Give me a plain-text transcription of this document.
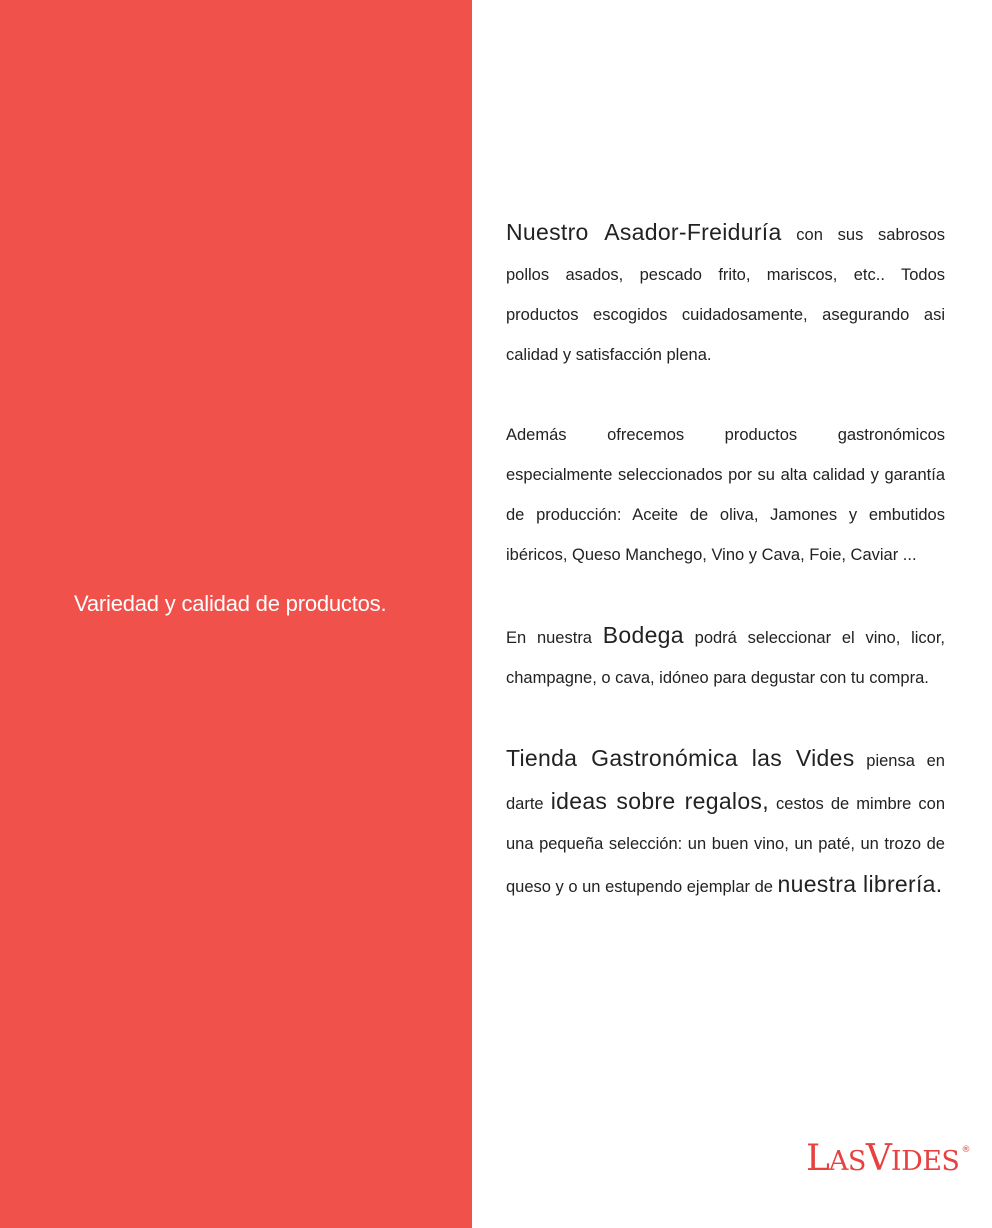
Variedad y calidad de productos.

Nuestro Asador-Freiduría con sus sabrosos pollos asados, pescado frito, mariscos, etc.. Todos productos escogidos cuidadosamente, asegurando asi calidad y satisfacción plena.

Además ofrecemos productos gastronómicos especialmente seleccionados por su alta calidad y garantía de producción: Aceite de oliva, Jamones y embutidos ibéricos, Queso Manchego, Vino y Cava, Foie, Caviar ...

En nuestra Bodega podrá seleccionar el vino, licor, champagne, o cava, idóneo para degustar con tu compra.

Tienda Gastronómica las Vides piensa en darte ideas sobre regalos, cestos de mimbre con una pequeña selección: un buen vino, un paté, un trozo de queso y o un estupendo ejemplar de nuestra librería.

LASVIDES ®
